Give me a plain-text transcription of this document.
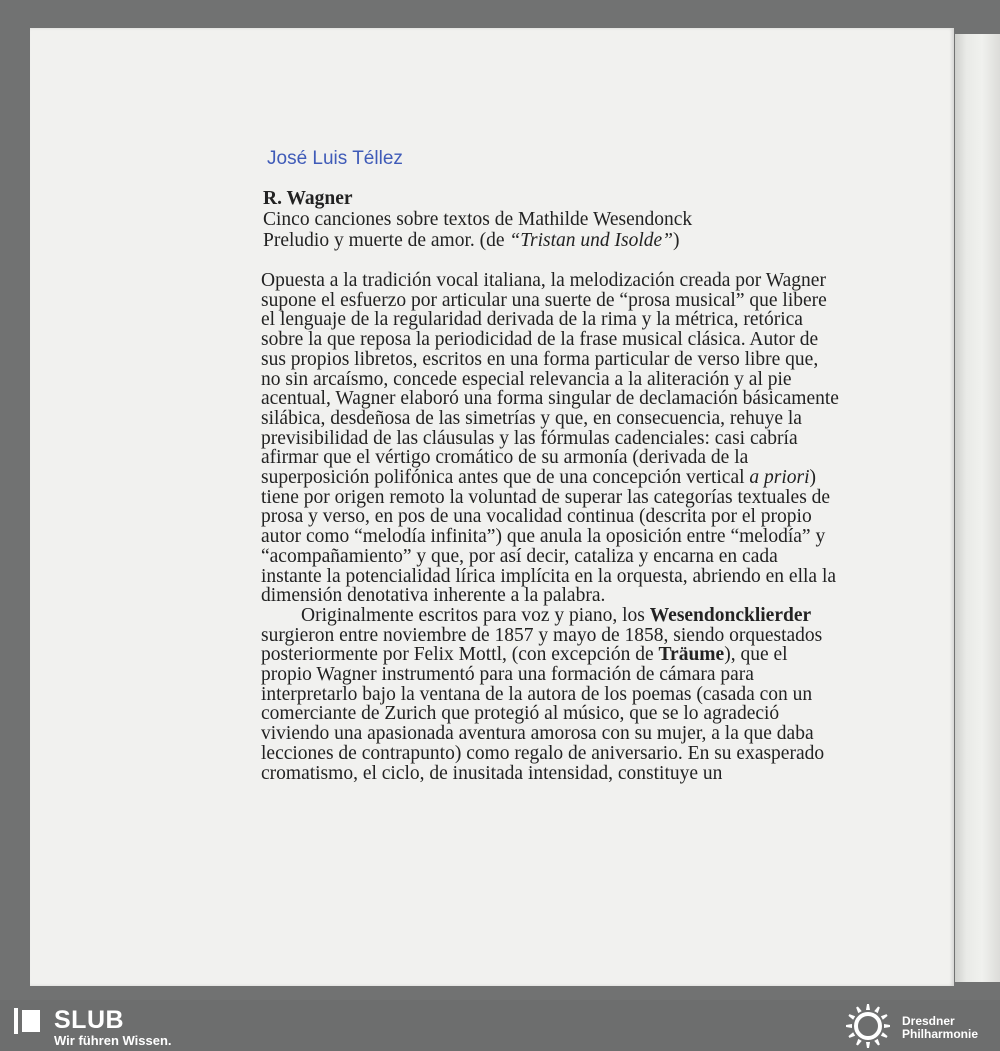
José Luis Téllez
R. Wagner
Cinco canciones sobre textos de Mathilde Wesendonck
Preludio y muerte de amor. (de “Tristan und Isolde”)

Opuesta a la tradición vocal italiana, la melodización creada por Wagner supone el esfuerzo por articular una suerte de “prosa musical” que libere el lenguaje de la regularidad derivada de la rima y la métrica, retórica sobre la que reposa la periodicidad de la frase musical clásica. Autor de sus propios libretos, escritos en una forma particular de verso libre que, no sin arcaísmo, concede especial relevancia a la aliteración y al pie acentual, Wagner elaboró una forma singular de declamación básicamente silábica, desdeñosa de las simetrías y que, en consecuencia, rehuye la previsibilidad de las cláusulas y las fórmulas cadenciales: casi cabría afirmar que el vértigo cromático de su armonía (derivada de la superposición polifónica antes que de una concepción vertical a priori) tiene por origen remoto la voluntad de superar las categorías textuales de prosa y verso, en pos de una vocalidad continua (descrita por el propio autor como “melodía infinita”) que anula la oposición entre “melodía” y “acompañamiento” y que, por así decir, cataliza y encarna en cada instante la potencialidad lírica implícita en la orquesta, abriendo en ella la dimensión denotativa inherente a la palabra.

Originalmente escritos para voz y piano, los Wesendoncklierder surgieron entre noviembre de 1857 y mayo de 1858, siendo orquestados posteriormente por Felix Mottl, (con excepción de Träume), que el propio Wagner instrumentó para una formación de cámara para interpretarlo bajo la ventana de la autora de los poemas (casada con un comerciante de Zurich que protegió al músico, que se lo agradeció viviendo una apasionada aventura amorosa con su mujer, a la que daba lecciones de contrapunto) como regalo de aniversario. En su exasperado cromatismo, el ciclo, de inusitada intensidad, constituye un

SLUB
Wir führen Wissen.
Dresdner
Philharmonie
